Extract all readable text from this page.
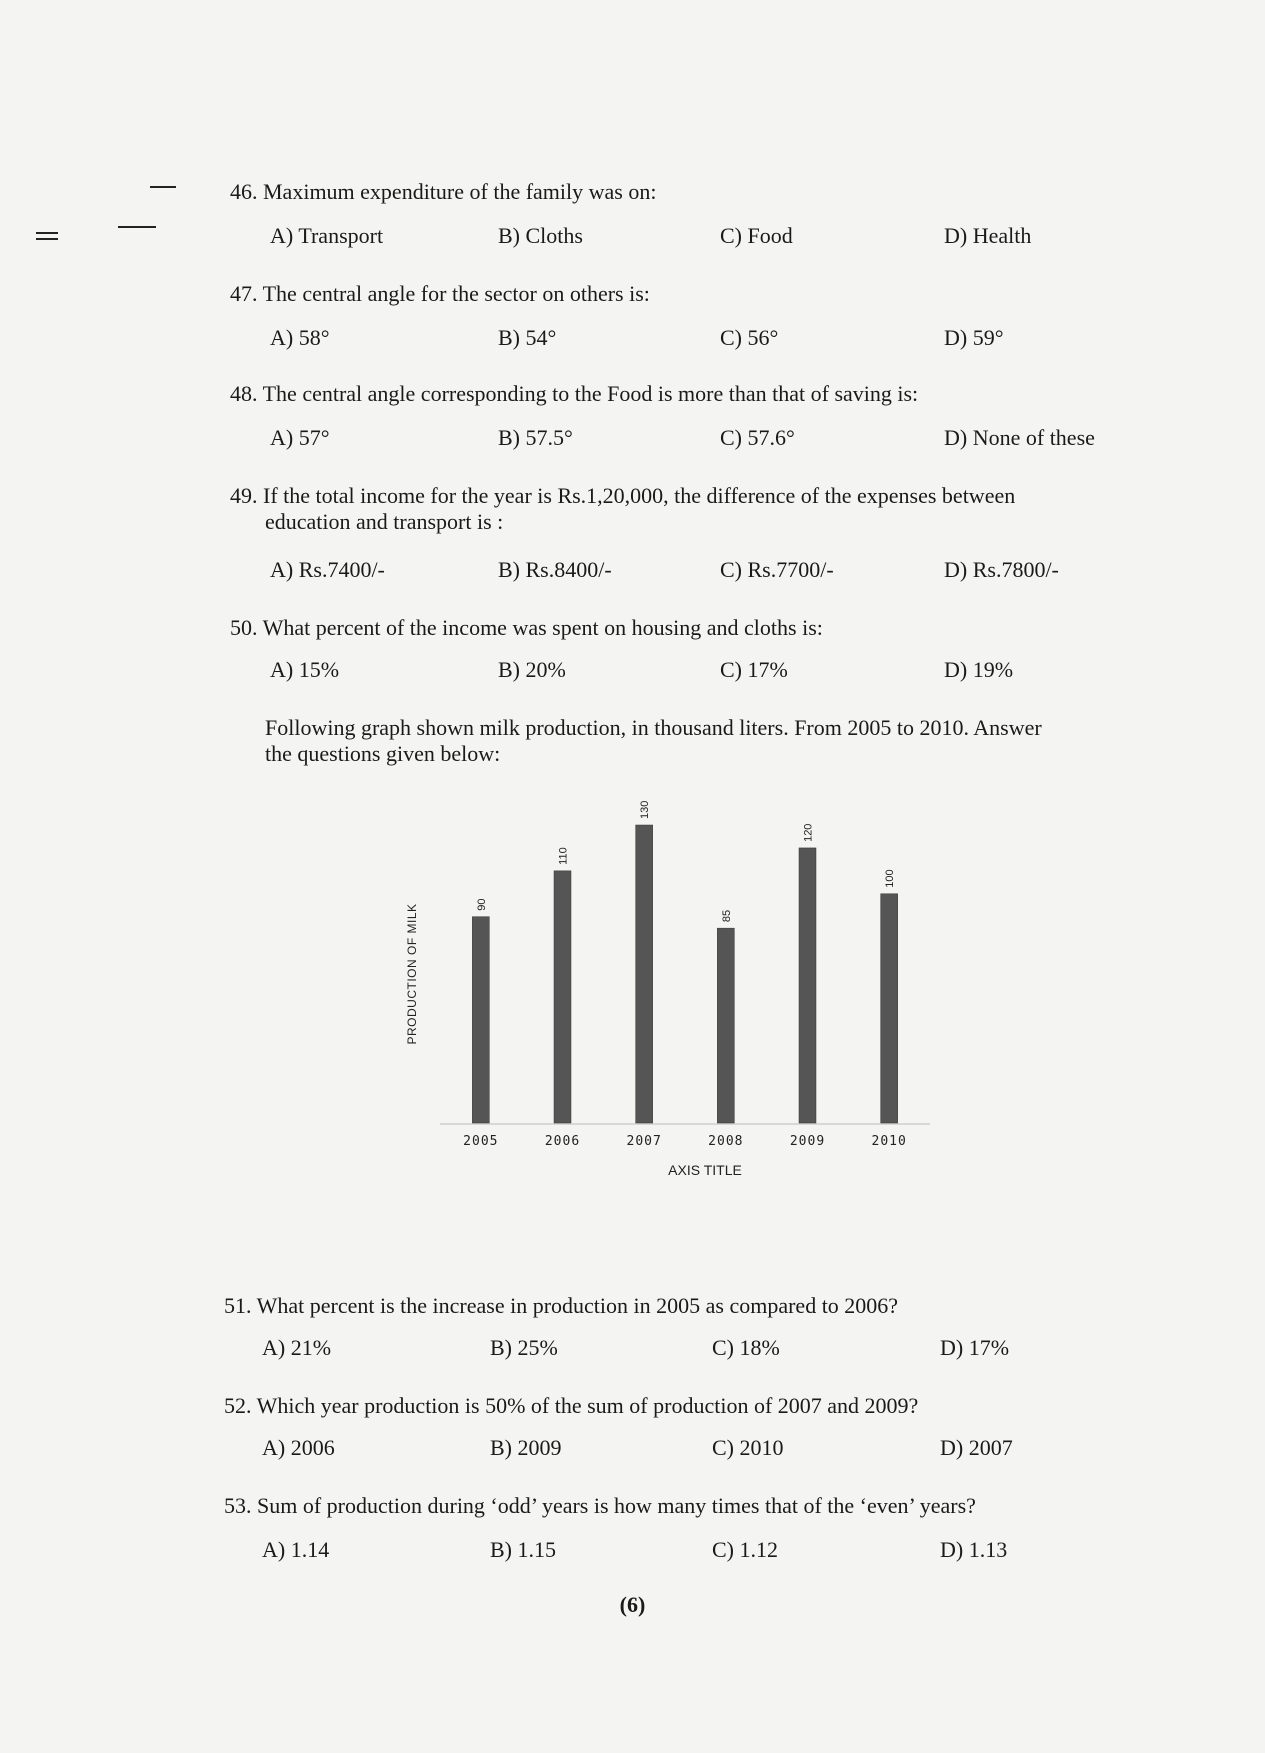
46. Maximum expenditure of the family was on:
A) Transport	B) Cloths	C) Food	D) Health
47. The central angle for the sector on others is:
A) 58°	B) 54°	C) 56°	D) 59°
48. The central angle corresponding to the Food is more than that of saving is:
A) 57°	B) 57.5°	C) 57.6°	D) None of these
49. If the total income for the year is Rs.1,20,000, the difference of the expenses between
education and transport is :
A) Rs.7400/-	B) Rs.8400/-	C) Rs.7700/-	D) Rs.7800/-
50. What percent of the income was spent on housing and cloths is:
A) 15%	B) 20%	C) 17%	D) 19%
Following graph shown milk production, in thousand liters. From 2005 to 2010. Answer
the questions given below:
PRODUCTION OF MILK	90
2005
110
2006
130
2007
85
2008
120
2009
100
2010
AXIS TITLE
51. What percent is the increase in production in 2005 as compared to 2006?
A) 21%	B) 25%	C) 18%	D) 17%
52. Which year production is 50% of the sum of production of 2007 and 2009?
A) 2006	B) 2009	C) 2010	D) 2007
53. Sum of production during ‘odd’ years is how many times that of the ‘even’ years?
A) 1.14	B) 1.15	C) 1.12	D) 1.13
(6)
